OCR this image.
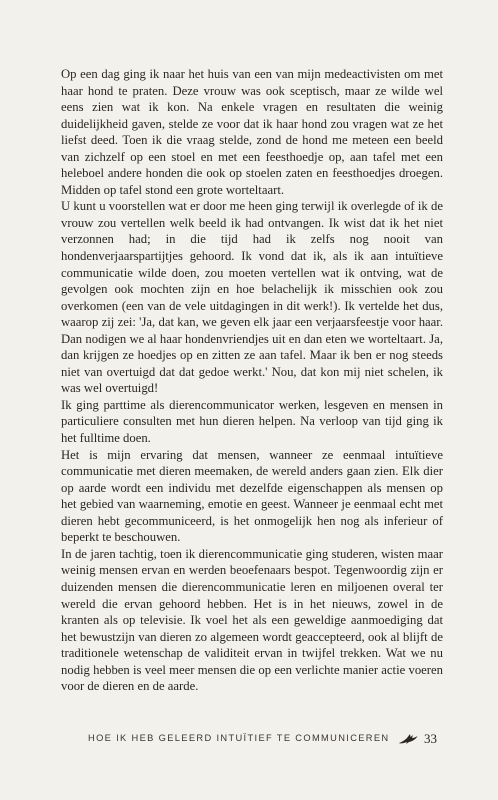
Op een dag ging ik naar het huis van een van mijn medeactivisten om met haar hond te praten. Deze vrouw was ook sceptisch, maar ze wilde wel eens zien wat ik kon. Na enkele vragen en resultaten die weinig duidelijkheid gaven, stelde ze voor dat ik haar hond zou vragen wat ze het liefst deed. Toen ik die vraag stelde, zond de hond me meteen een beeld van zichzelf op een stoel en met een feesthoedje op, aan tafel met een heleboel andere honden die ook op stoelen zaten en feesthoedjes droegen. Midden op tafel stond een grote worteltaart.

U kunt u voorstellen wat er door me heen ging terwijl ik overlegde of ik de vrouw zou vertellen welk beeld ik had ontvangen. Ik wist dat ik het niet verzonnen had; in die tijd had ik zelfs nog nooit van hondenverjaarspartijtjes gehoord. Ik vond dat ik, als ik aan intuïtieve communicatie wilde doen, zou moeten vertellen wat ik ontving, wat de gevolgen ook mochten zijn en hoe belachelijk ik misschien ook zou overkomen (een van de vele uitdagingen in dit werk!). Ik vertelde het dus, waarop zij zei: 'Ja, dat kan, we geven elk jaar een verjaarsfeestje voor haar. Dan nodigen we al haar hondenvriendjes uit en dan eten we worteltaart. Ja, dan krijgen ze hoedjes op en zitten ze aan tafel. Maar ik ben er nog steeds niet van overtuigd dat dat gedoe werkt.' Nou, dat kon mij niet schelen, ik was wel overtuigd!

Ik ging parttime als dierencommunicator werken, lesgeven en mensen in particuliere consulten met hun dieren helpen. Na verloop van tijd ging ik het fulltime doen.

Het is mijn ervaring dat mensen, wanneer ze eenmaal intuïtieve communicatie met dieren meemaken, de wereld anders gaan zien. Elk dier op aarde wordt een individu met dezelfde eigenschappen als mensen op het gebied van waarneming, emotie en geest. Wanneer je eenmaal echt met dieren hebt gecommuniceerd, is het onmogelijk hen nog als inferieur of beperkt te beschouwen.

In de jaren tachtig, toen ik dierencommunicatie ging studeren, wisten maar weinig mensen ervan en werden beoefenaars bespot. Tegenwoordig zijn er duizenden mensen die dierencommunicatie leren en miljoenen overal ter wereld die ervan gehoord hebben. Het is in het nieuws, zowel in de kranten als op televisie. Ik voel het als een geweldige aanmoediging dat het bewustzijn van dieren zo algemeen wordt geaccepteerd, ook al blijft de traditionele wetenschap de validiteit ervan in twijfel trekken. Wat we nu nodig hebben is veel meer mensen die op een verlichte manier actie voeren voor de dieren en de aarde.

HOE IK HEB GELEERD INTUÏTIEF TE COMMUNICEREN	33
